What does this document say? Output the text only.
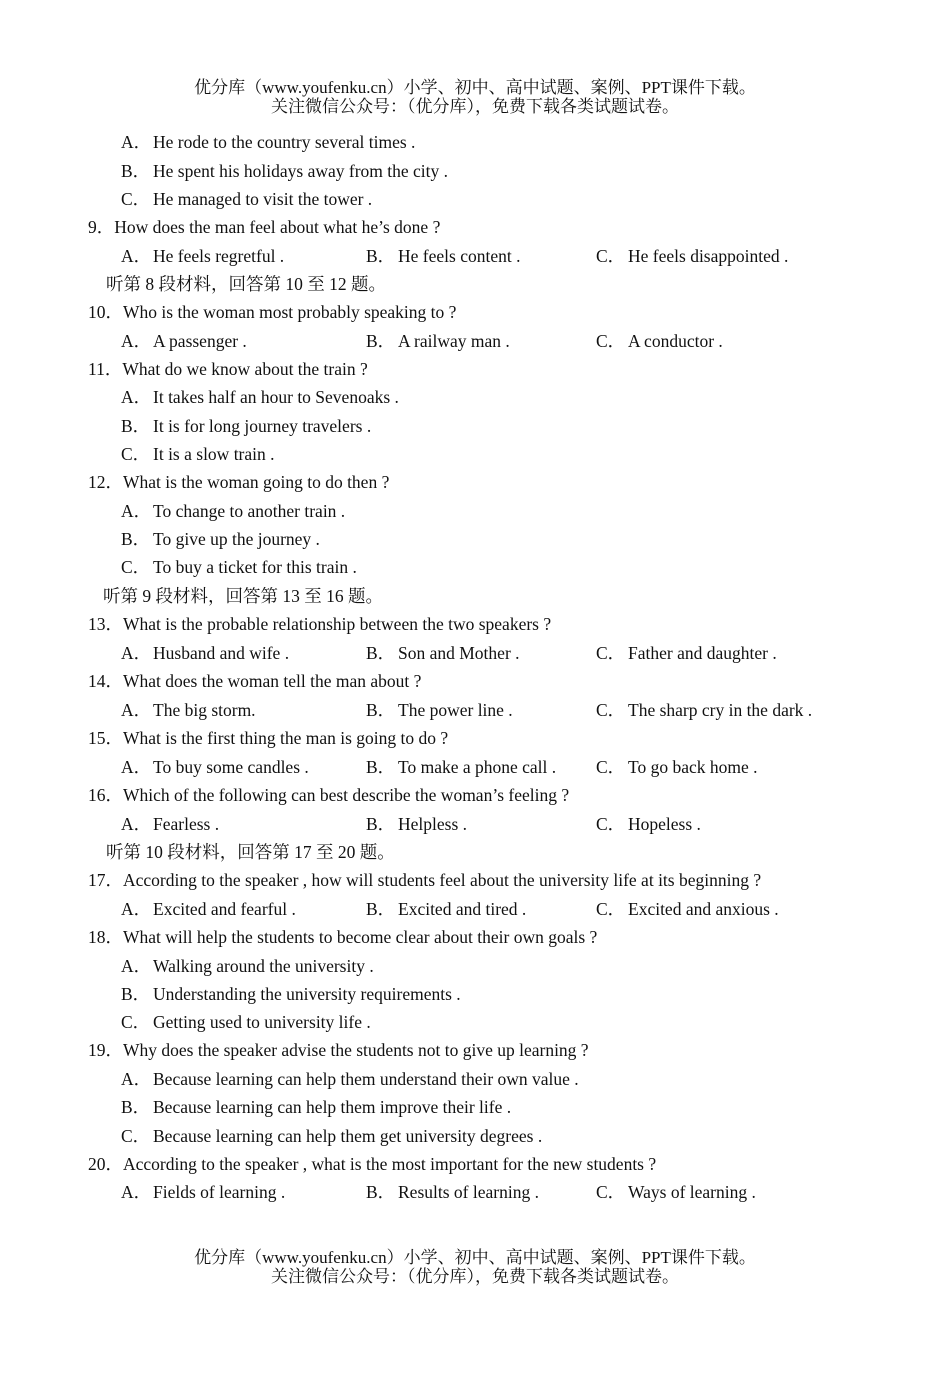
优分库（www.youfenku.cn）小学、初中、高中试题、案例、PPT课件下载。
关注微信公众号：（优分库），免费下载各类试题试卷。
A． He rode to the country several times .
B． He spent his holidays away from the city .
C． He managed to visit the tower .
9．How does the man feel about what he’s done ?
A． He feels regretful .	B． He feels content .	C． He feels disappointed .
听第 8 段材料，回答第 10 至 12 题。
10．Who is the woman most probably speaking to ?
A． A passenger .	B． A railway man .	C． A conductor .
11．What do we know about the train ?
A． It takes half an hour to Sevenoaks .
B． It is for long journey travelers .
C． It is a slow train .
12．What is the woman going to do then ?
A． To change to another train .
B． To give up the journey .
C． To buy a ticket for this train .
听第 9 段材料，回答第 13 至 16 题。
13．What is the probable relationship between the two speakers ?
A． Husband and wife .	B． Son and Mother .	C． Father and daughter .
14．What does the woman tell the man about ?
A． The big storm.	B． The power line .	C． The sharp cry in the dark .
15．What is the first thing the man is going to do ?
A． To buy some candles .	B． To make a phone call . C． To go back home .
16．Which of the following can best describe the woman’s feeling ?
A． Fearless .	B． Helpless .	C． Hopeless .
听第 10 段材料，回答第 17 至 20 题。
17．According to the speaker , how will students feel about the university life at its beginning ?
A． Excited and fearful .	B． Excited and tired .	C． Excited and anxious .
18．What will help the students to become clear about their own goals ?
A． Walking around the university .
B． Understanding the university requirements .
C． Getting used to university life .
19．Why does the speaker advise the students not to give up learning ?
A． Because learning can help them understand their own value .
B． Because learning can help them improve their life .
C． Because learning can help them get university degrees .
20．According to the speaker , what is the most important for the new students ?
A． Fields of learning .	B． Results of learning .	C． Ways of learning .
优分库（www.youfenku.cn）小学、初中、高中试题、案例、PPT课件下载。
关注微信公众号：（优分库），免费下载各类试题试卷。
